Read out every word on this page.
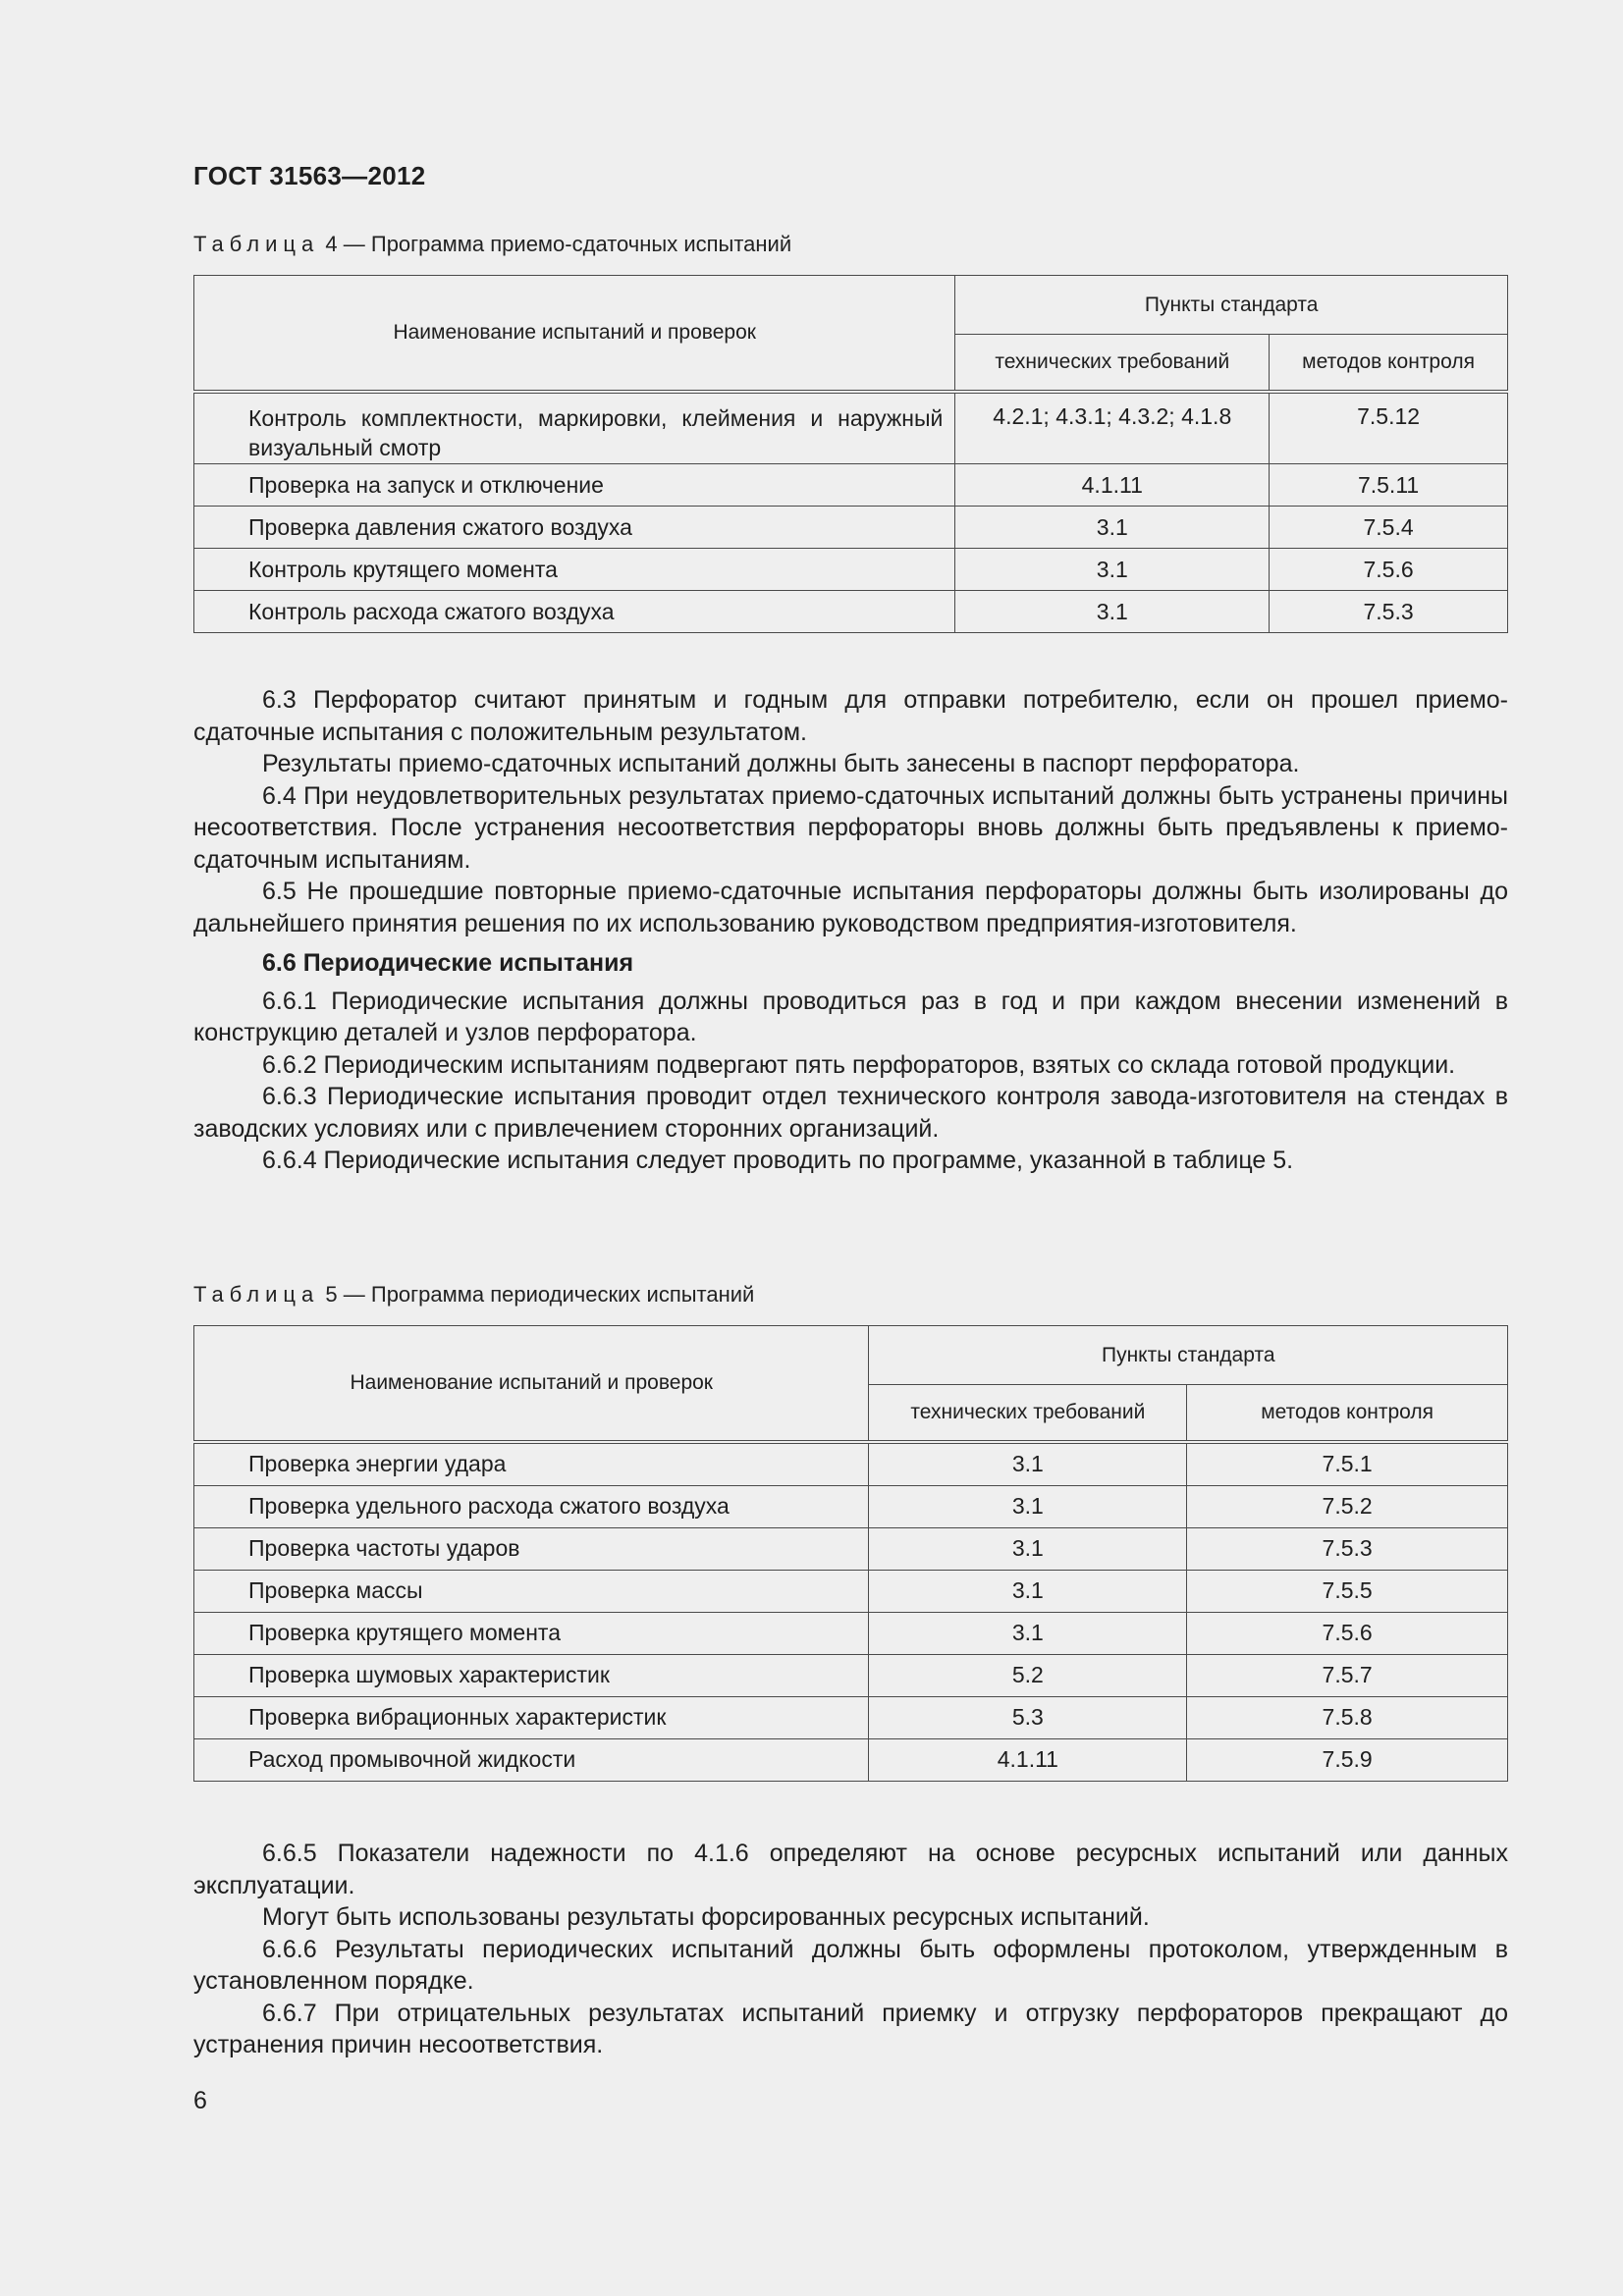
ГОСТ 31563—2012
Таблица 4 — Программа приемо-сдаточных испытаний
Наименование испытаний и проверок	Пункты стандарта	
	технических требований	методов контроля
Контроль комплектности, маркировки, клеймения и наружный визуальный смотр	4.2.1; 4.3.1; 4.3.2; 4.1.8	7.5.12
Проверка на запуск и отключение	4.1.11	7.5.11
Проверка давления сжатого воздуха	3.1	7.5.4
Контроль крутящего момента	3.1	7.5.6
Контроль расхода сжатого воздуха	3.1	7.5.3

6.3 Перфоратор считают принятым и годным для отправки потребителю, если он прошел приемо-сдаточные испытания с положительным результатом.

Результаты приемо-сдаточных испытаний должны быть занесены в паспорт перфоратора.

6.4 При неудовлетворительных результатах приемо-сдаточных испытаний должны быть устранены причины несоответствия. После устранения несоответствия перфораторы вновь должны быть предъявлены к приемо-сдаточным испытаниям.

6.5 Не прошедшие повторные приемо-сдаточные испытания перфораторы должны быть изолированы до дальнейшего принятия решения по их использованию руководством предприятия-изготовителя.

6.6 Периодические испытания

6.6.1 Периодические испытания должны проводиться раз в год и при каждом внесении изменений в конструкцию деталей и узлов перфоратора.

6.6.2 Периодическим испытаниям подвергают пять перфораторов, взятых со склада готовой продукции.

6.6.3 Периодические испытания проводит отдел технического контроля завода-изготовителя на стендах в заводских условиях или с привлечением сторонних организаций.

6.6.4 Периодические испытания следует проводить по программе, указанной в таблице 5.

Таблица 5 — Программа периодических испытаний
Наименование испытаний и проверок	Пункты стандарта	
	технических требований	методов контроля
Проверка энергии удара	3.1	7.5.1
Проверка удельного расхода сжатого воздуха	3.1	7.5.2
Проверка частоты ударов	3.1	7.5.3
Проверка массы	3.1	7.5.5
Проверка крутящего момента	3.1	7.5.6
Проверка шумовых характеристик	5.2	7.5.7
Проверка вибрационных характеристик	5.3	7.5.8
Расход промывочной жидкости	4.1.11	7.5.9

6.6.5 Показатели надежности по 4.1.6 определяют на основе ресурсных испытаний или данных эксплуатации.

Могут быть использованы результаты форсированных ресурсных испытаний.

6.6.6 Результаты периодических испытаний должны быть оформлены протоколом, утвержденным в установленном порядке.

6.6.7 При отрицательных результатах испытаний приемку и отгрузку перфораторов прекращают до устранения причин несоответствия.

6
